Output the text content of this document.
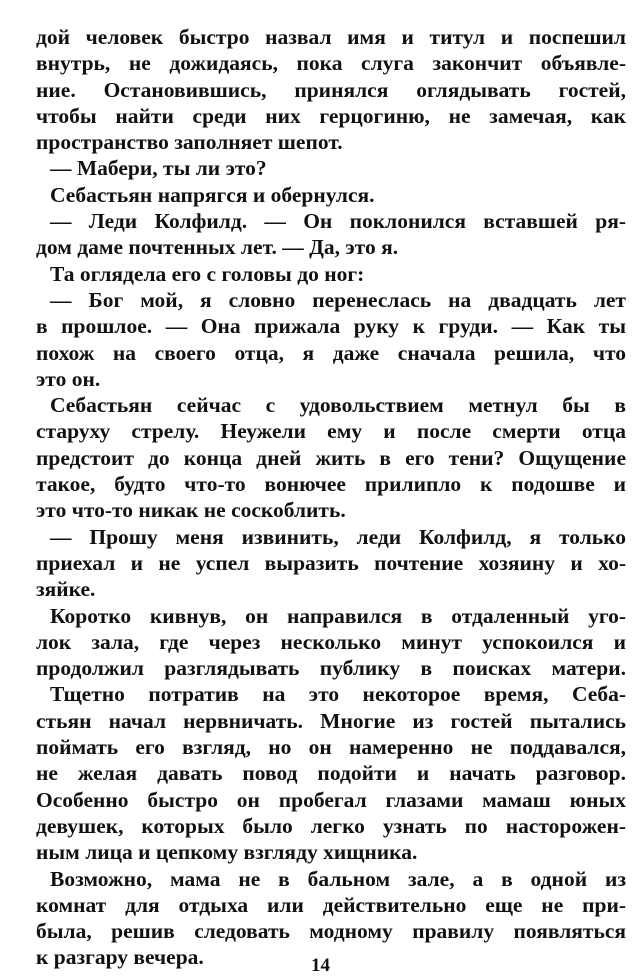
дой человек быстро назвал имя и титул и поспешил
внутрь, не дожидаясь, пока слуга закончит объявле-
ние. Остановившись, принялся оглядывать гостей,
чтобы найти среди них герцогиню, не замечая, как
пространство заполняет шепот.
— Мабери, ты ли это?
Себастьян напрягся и обернулся.
— Леди Колфилд. — Он поклонился вставшей ря-
дом даме почтенных лет. — Да, это я.
Та оглядела его с головы до ног:
— Бог мой, я словно перенеслась на двадцать лет
в прошлое. — Она прижала руку к груди. — Как ты
похож на своего отца, я даже сначала решила, что
это он.
Себастьян сейчас с удовольствием метнул бы в
старуху стрелу. Неужели ему и после смерти отца
предстоит до конца дней жить в его тени? Ощущение
такое, будто что-то вонючее прилипло к подошве и
это что-то никак не соскоблить.
— Прошу меня извинить, леди Колфилд, я только
приехал и не успел выразить почтение хозяину и хо-
зяйке.
Коротко кивнув, он направился в отдаленный уго-
лок зала, где через несколько минут успокоился и
продолжил разглядывать публику в поисках матери.
Тщетно потратив на это некоторое время, Себа-
стьян начал нервничать. Многие из гостей пытались
поймать его взгляд, но он намеренно не поддавался,
не желая давать повод подойти и начать разговор.
Особенно быстро он пробегал глазами мамаш юных
девушек, которых было легко узнать по насторожен-
ным лица и цепкому взгляду хищника.
Возможно, мама не в бальном зале, а в одной из
комнат для отдыха или действительно еще не при-
была, решив следовать модному правилу появляться
к разгару вечера.	14
